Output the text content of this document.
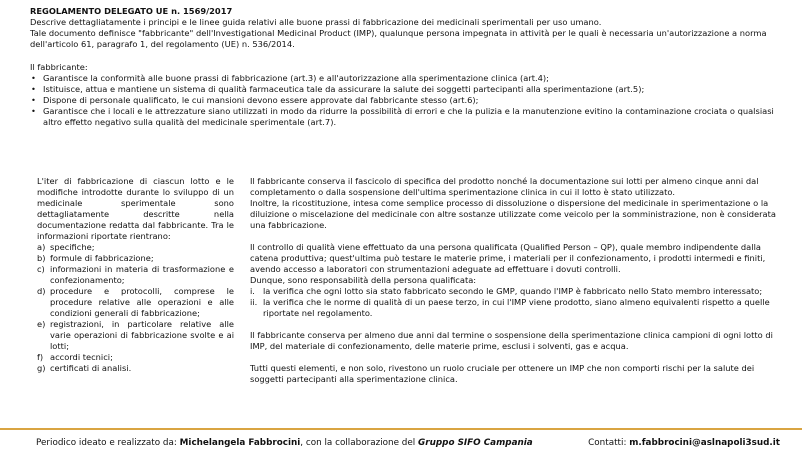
REGOLAMENTO DELEGATO UE n. 1569/2017

Descrive dettagliatamente i principi e le linee guida relativi alle buone prassi di fabbricazione dei medicinali sperimentali per uso umano.

Tale documento definisce "fabbricante" dell'Investigational Medicinal Product (IMP), qualunque persona impegnata in attività per le quali è necessaria un'autorizzazione a norma dell'articolo 61, paragrafo 1, del regolamento (UE) n. 536/2014.

Il fabbricante:

• Garantisce la conformità alle buone prassi di fabbricazione (art.3) e all'autorizzazione alla sperimentazione clinica (art.4);
• Istituisce, attua e mantiene un sistema di qualità farmaceutica tale da assicurare la salute dei soggetti partecipanti alla sperimentazione (art.5);
• Dispone di personale qualificato, le cui mansioni devono essere approvate dal fabbricante stesso (art.6);
• Garantisce che i locali e le attrezzature siano utilizzati in modo da ridurre la possibilità di errori e che la pulizia e la manutenzione evitino la contaminazione crociata o qualsiasi altro effetto negativo sulla qualità del medicinale sperimentale (art.7).

L'iter di fabbricazione di ciascun lotto e le modifiche introdotte durante lo sviluppo di un medicinale sperimentale sono dettagliatamente descritte nella documentazione redatta dal fabbricante. Tra le informazioni riportate rientrano:

a) specifiche;
b) formule di fabbricazione;
c) informazioni in materia di trasformazione e confezionamento;
d) procedure e protocolli, comprese le procedure relative alle operazioni e alle condizioni generali di fabbricazione;
e) registrazioni, in particolare relative alle varie operazioni di fabbricazione svolte e ai lotti;
f) accordi tecnici;
g) certificati di analisi.

Il fabbricante conserva il fascicolo di specifica del prodotto nonché la documentazione sui lotti per almeno cinque anni dal completamento o dalla sospensione dell'ultima sperimentazione clinica in cui il lotto è stato utilizzato.

Inoltre, la ricostituzione, intesa come semplice processo di dissoluzione o dispersione del medicinale in sperimentazione o la diluizione o miscelazione del medicinale con altre sostanze utilizzate come veicolo per la somministrazione, non è considerata una fabbricazione.

Il controllo di qualità viene effettuato da una persona qualificata (Qualified Person – QP), quale membro indipendente dalla catena produttiva; quest'ultima può testare le materie prime, i materiali per il confezionamento, i prodotti intermedi e finiti, avendo accesso a laboratori con strumentazioni adeguate ad effettuare i dovuti controlli.

Dunque, sono responsabilità della persona qualificata:

i. la verifica che ogni lotto sia stato fabbricato secondo le GMP, quando l'IMP è fabbricato nello Stato membro interessato;
ii. la verifica che le norme di qualità di un paese terzo, in cui l'IMP viene prodotto, siano almeno equivalenti rispetto a quelle riportate nel regolamento.

Il fabbricante conserva per almeno due anni dal termine o sospensione della sperimentazione clinica campioni di ogni lotto di IMP, del materiale di confezionamento, delle materie prime, esclusi i solventi, gas e acqua.

Tutti questi elementi, e non solo, rivestono un ruolo cruciale per ottenere un IMP che non comporti rischi per la salute dei soggetti partecipanti alla sperimentazione clinica.

Periodico ideato e realizzato da: Michelangela Fabbrocini, con la collaborazione del Gruppo SIFO Campania	Contatti: m.fabbrocini@aslnapoli3sud.it
